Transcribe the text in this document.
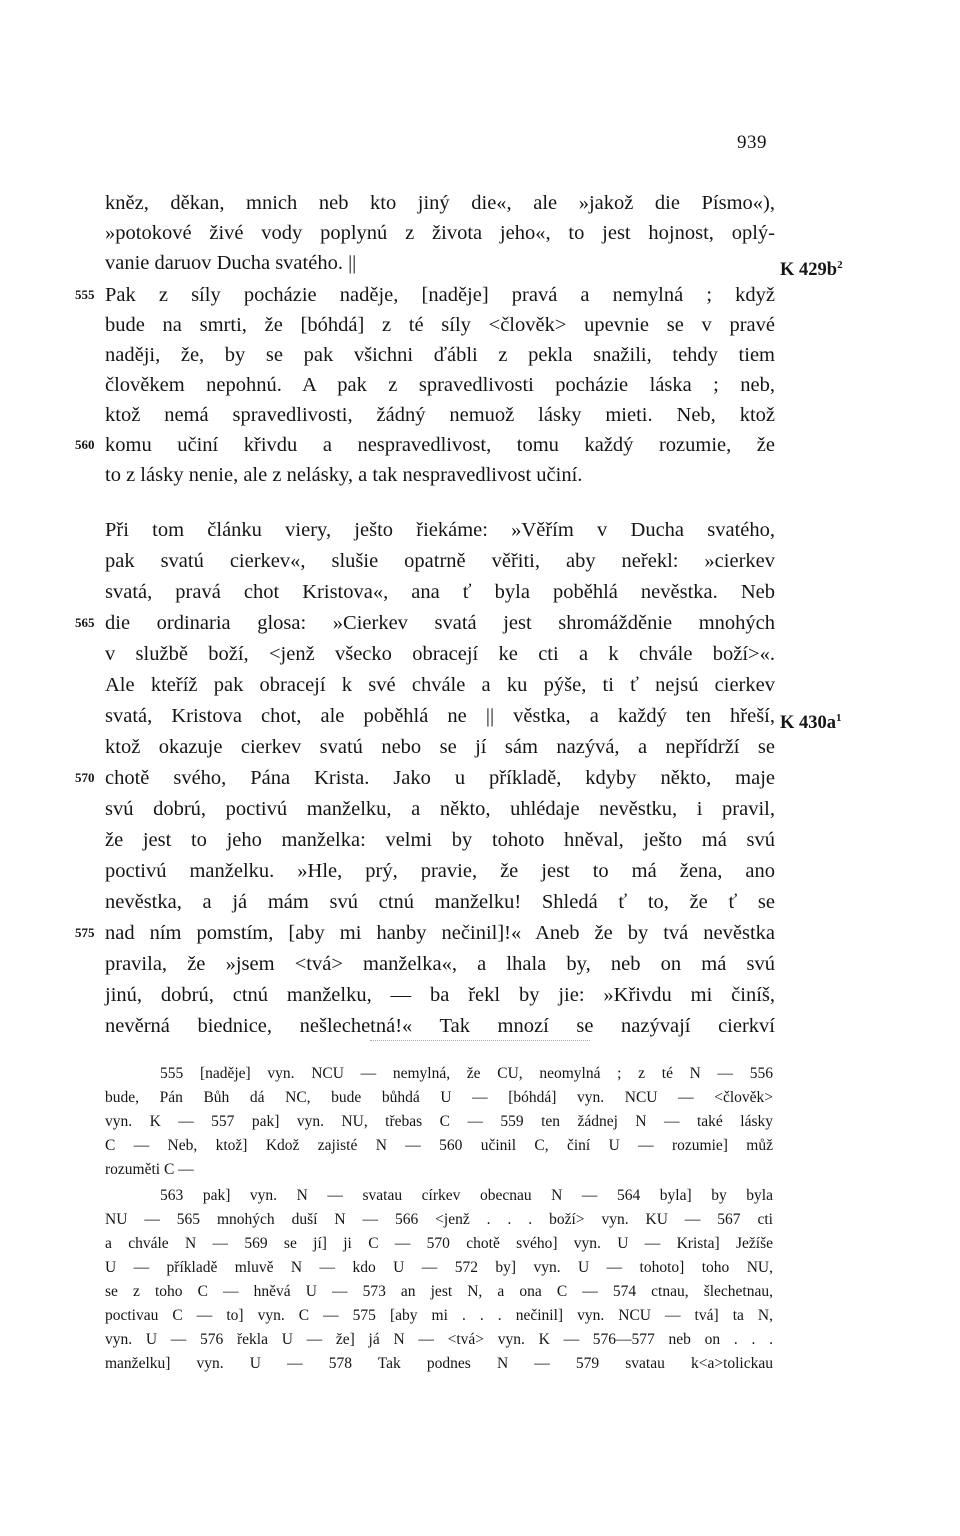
939
kněz, děkan, mnich neb kto jiný die«, ale »jakož die Písmo«),
»potokové živé vody poplynú z života jeho«, to jest hojnost, oplý-
vanie daruov Ducha svatého. ||
Pak z síly pocházie naděje, [naděje] pravá a nemylná ; když
bude na smrti, že [bóhdá] z té síly <člověk> upevnie se v pravé
naději, že, by se pak všichni ďábli z pekla snažili, tehdy tiem
člověkem nepohnú. A pak z spravedlivosti pocházie láska ; neb,
ktož nemá spravedlivosti, žádný nemuož lásky mieti. Neb, ktož
komu učiní křivdu a nespravedlivost, tomu každý rozumie, že
to z lásky nenie, ale z nelásky, a tak nespravedlivost učiní.
Při tom článku viery, ješto řiekáme: »Věřím v Ducha svatého,
pak svatú cierkev«, slušie opatrně věřiti, aby neřekl: »cierkev
svatá, pravá chot Kristova«, ana ť byla poběhlá nevěstka. Neb
die ordinaria glosa: »Cierkev svatá jest shromážděnie mnohých
v službě boží, <jenž všecko obracejí ke cti a k chvále boží>«.
Ale kteříž pak obracejí k své chvále a ku pýše, ti ť nejsú cierkev
svatá, Kristova chot, ale poběhlá ne || věstka, a každý ten hřeší,
ktož okazuje cierkev svatú nebo se jí sám nazývá, a nepřídrží se
chotě svého, Pána Krista. Jako u příkladě, kdyby někto, maje
svú dobrú, poctivú manželku, a někto, uhlédaje nevěstku, i pravil,
že jest to jeho manželka: velmi by tohoto hněval, ješto má svú
poctivú manželku. »Hle, prý, pravie, že jest to má žena, ano
nevěstka, a já mám svú ctnú manželku! Shledá ť to, že ť se
nad ním pomstím, [aby mi hanby nečinil]!« Aneb že by tvá nevěstka
pravila, že »jsem <tvá> manželka«, a lhala by, neb on má svú
jinú, dobrú, ctnú manželku, — ba řekl by jie: »Křivdu mi činíš,
nevěrná biednice, nešlechetná!« Tak mnozí se nazývají cierkví
555
560
565
570
575
K $429b^2$
K $430a^1$
555 [naděje] vyn. NCU — nemylná, že CU, neomylná ; z té N — 556
bude, Pán Bůh dá NC, bude bůhdá U — [bóhdá] vyn. NCU — <člověk>
vyn. K — 557 pak] vyn. NU, třebas C — 559 ten žádnej N — také lásky
C — Neb, ktož] Kdož zajisté N — 560 učinil C, činí U — rozumie] můž
rozuměti C —
563 pak] vyn. N — svatau církev obecnau N — 564 byla] by byla
NU — 565 mnohých duší N — 566 <jenž . . . boží> vyn. KU — 567 cti
a chvále N — 569 se jí] ji C — 570 chotě svého] vyn. U — Krista] Ježíše
U — příkladě mluvě N — kdo U — 572 by] vyn. U — tohoto] toho NU,
se z toho C — hněvá U — 573 an jest N, a ona C — 574 ctnau, šlechetnau,
poctivau C — to] vyn. C — 575 [aby mi . . . nečinil] vyn. NCU — tvá] ta N,
vyn. U — 576 řekla U — že] já N — <tvá> vyn. K — 576—577 neb on . . .
manželku] vyn. U — 578 Tak podnes N — 579 svatau k<a>tolickau
